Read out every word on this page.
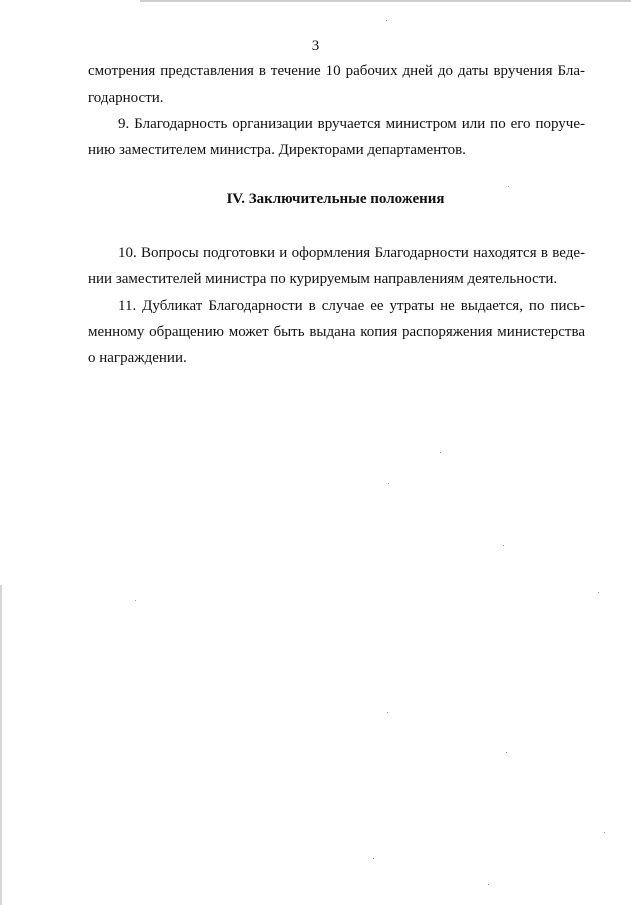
3
смотрения представления в течение 10 рабочих дней до даты вручения Бла-
годарности.
9. Благодарность организации вручается министром или по его поруче-
нию заместителем министра. Директорами департаментов.
IV. Заключительные положения
10. Вопросы подготовки и оформления Благодарности находятся в веде-
нии заместителей министра по курируемым направлениям деятельности.
11. Дубликат Благодарности в случае ее утраты не выдается, по пись-
менному обращению может быть выдана копия распоряжения министерства
о награждении.
